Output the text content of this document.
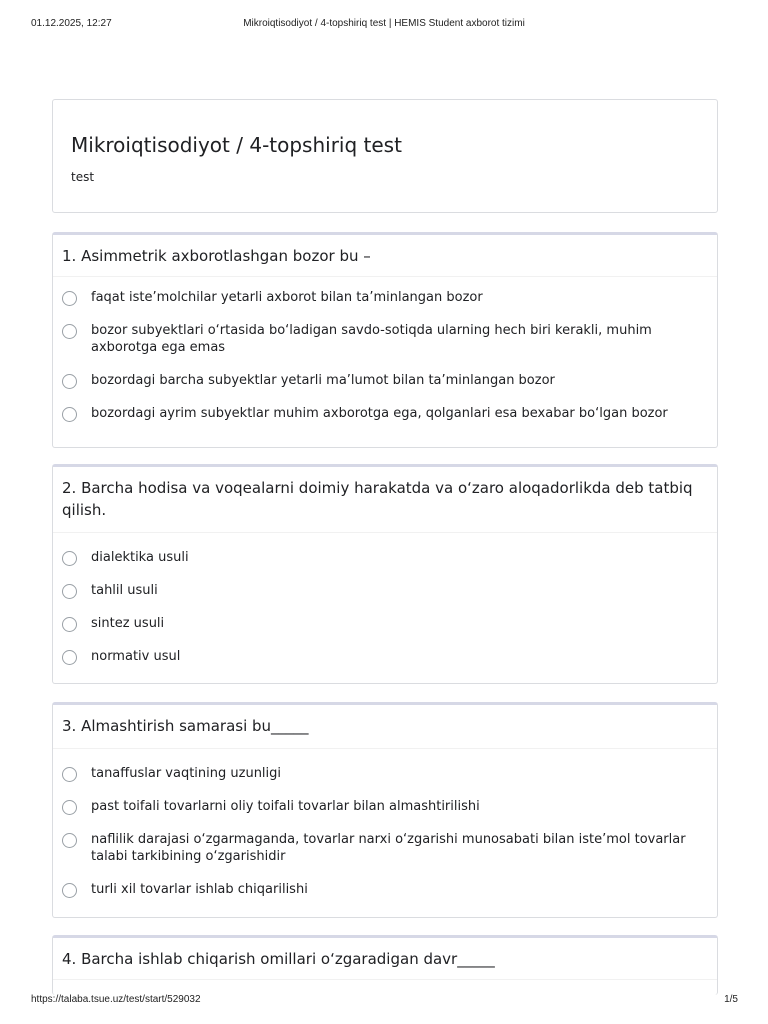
01.12.2025, 12:27	Mikroiqtisodiyot / 4-topshiriq test | HEMIS Student axborot tizimi
Mikroiqtisodiyot / 4-topshiriq test
test
1. Asimmetrik axborotlashgan bozor bu –
faqat iste’molchilar yetarli axborot bilan ta’minlangan bozor
bozor subyektlari o‘rtasida bo‘ladigan savdo-sotiqda ularning hech biri kerakli, muhim axborotga ega emas
bozordagi barcha subyektlar yetarli ma’lumot bilan ta’minlangan bozor
bozordagi ayrim subyektlar muhim axborotga ega, qolganlari esa bexabar bo‘lgan bozor
2. Barcha hodisa va voqealarni doimiy harakatda va o‘zaro aloqadorlikda deb tatbiq qilish.
dialektika usuli
tahlil usuli
sintez usuli
normativ usul
3. Almashtirish samarasi bu_____
tanaffuslar vaqtining uzunligi
past toifali tovarlarni oliy toifali tovarlar bilan almashtirilishi
naflilik darajasi o‘zgarmaganda, tovarlar narxi o‘zgarishi munosabati bilan iste’mol tovarlar talabi tarkibining o‘zgarishidir
turli xil tovarlar ishlab chiqarilishi
4. Barcha ishlab chiqarish omillari o‘zgaradigan davr_____
https://talaba.tsue.uz/test/start/529032	1/5
